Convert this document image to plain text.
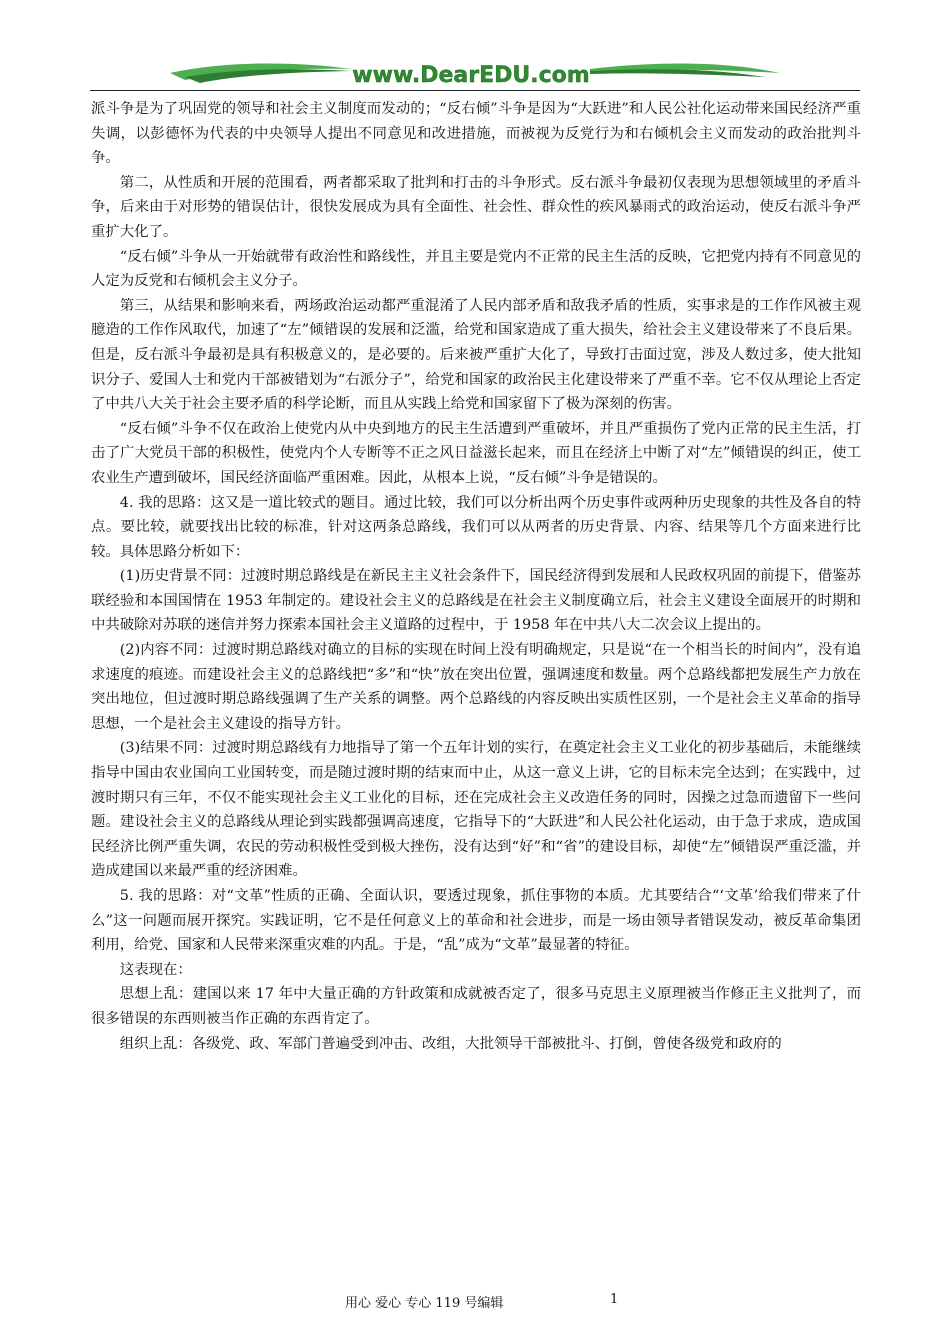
www.DearEDU.com

派斗争是为了巩固党的领导和社会主义制度而发动的；“反右倾”斗争是因为“大跃进”和人民公社化运动带来国民经济严重失调，以彭德怀为代表的中央领导人提出不同意见和改进措施，而被视为反党行为和右倾机会主义而发动的政治批判斗争。

第二，从性质和开展的范围看，两者都采取了批判和打击的斗争形式。反右派斗争最初仅表现为思想领域里的矛盾斗争，后来由于对形势的错误估计，很快发展成为具有全面性、社会性、群众性的疾风暴雨式的政治运动，使反右派斗争严重扩大化了。

“反右倾”斗争从一开始就带有政治性和路线性，并且主要是党内不正常的民主生活的反映，它把党内持有不同意见的人定为反党和右倾机会主义分子。

第三，从结果和影响来看，两场政治运动都严重混淆了人民内部矛盾和敌我矛盾的性质，实事求是的工作作风被主观臆造的工作作风取代，加速了“左”倾错误的发展和泛滥，给党和国家造成了重大损失，给社会主义建设带来了不良后果。但是，反右派斗争最初是具有积极意义的，是必要的。后来被严重扩大化了，导致打击面过宽，涉及人数过多，使大批知识分子、爱国人士和党内干部被错划为“右派分子”，给党和国家的政治民主化建设带来了严重不幸。它不仅从理论上否定了中共八大关于社会主要矛盾的科学论断，而且从实践上给党和国家留下了极为深刻的伤害。

“反右倾”斗争不仅在政治上使党内从中央到地方的民主生活遭到严重破坏，并且严重损伤了党内正常的民主生活，打击了广大党员干部的积极性，使党内个人专断等不正之风日益滋长起来，而且在经济上中断了对“左”倾错误的纠正，使工农业生产遭到破坏，国民经济面临严重困难。因此，从根本上说，“反右倾”斗争是错误的。

4. 我的思路：这又是一道比较式的题目。通过比较，我们可以分析出两个历史事件或两种历史现象的共性及各自的特点。要比较，就要找出比较的标准，针对这两条总路线，我们可以从两者的历史背景、内容、结果等几个方面来进行比较。具体思路分析如下：

(1)历史背景不同：过渡时期总路线是在新民主主义社会条件下，国民经济得到发展和人民政权巩固的前提下，借鉴苏联经验和本国国情在 1953 年制定的。建设社会主义的总路线是在社会主义制度确立后，社会主义建设全面展开的时期和中共破除对苏联的迷信并努力探索本国社会主义道路的过程中，于 1958 年在中共八大二次会议上提出的。

(2)内容不同：过渡时期总路线对确立的目标的实现在时间上没有明确规定，只是说“在一个相当长的时间内”，没有追求速度的痕迹。而建设社会主义的总路线把“多”和“快”放在突出位置，强调速度和数量。两个总路线都把发展生产力放在突出地位，但过渡时期总路线强调了生产关系的调整。两个总路线的内容反映出实质性区别，一个是社会主义革命的指导思想，一个是社会主义建设的指导方针。

(3)结果不同：过渡时期总路线有力地指导了第一个五年计划的实行，在奠定社会主义工业化的初步基础后，未能继续指导中国由农业国向工业国转变，而是随过渡时期的结束而中止，从这一意义上讲，它的目标未完全达到；在实践中，过渡时期只有三年，不仅不能实现社会主义工业化的目标，还在完成社会主义改造任务的同时，因操之过急而遗留下一些问题。建设社会主义的总路线从理论到实践都强调高速度，它指导下的“大跃进”和人民公社化运动，由于急于求成，造成国民经济比例严重失调，农民的劳动积极性受到极大挫伤，没有达到“好”和“省”的建设目标，却使“左”倾错误严重泛滥，并造成建国以来最严重的经济困难。

5. 我的思路：对“文革”性质的正确、全面认识，要透过现象，抓住事物的本质。尤其要结合“‘文革’给我们带来了什么”这一问题而展开探究。实践证明，它不是任何意义上的革命和社会进步，而是一场由领导者错误发动，被反革命集团利用，给党、国家和人民带来深重灾难的内乱。于是，“乱”成为“文革”最显著的特征。

这表现在：

思想上乱：建国以来 17 年中大量正确的方针政策和成就被否定了，很多马克思主义原理被当作修正主义批判了，而很多错误的东西则被当作正确的东西肯定了。

组织上乱：各级党、政、军部门普遍受到冲击、改组，大批领导干部被批斗、打倒，曾使各级党和政府的

用心 爱心 专心 119 号编辑	1
